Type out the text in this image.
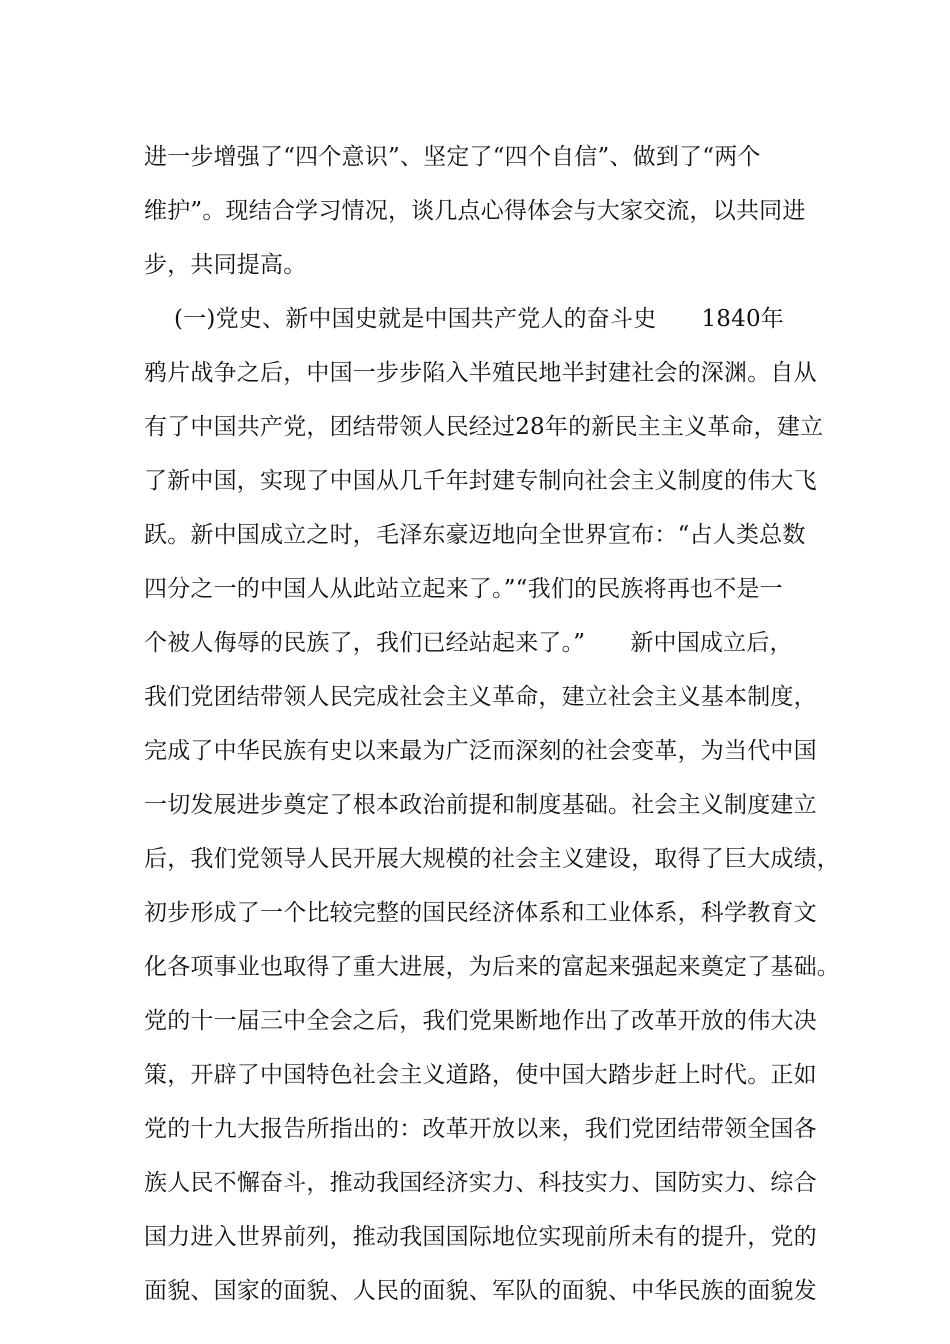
进一步增强了“四个意识”、坚定了“四个自信”、做到了“两个
维护”。现结合学习情况，谈几点心得体会与大家交流，以共同进
步，共同提高。
(一)党史、新中国史就是中国共产党人的奋斗史      1840年
鸦片战争之后，中国一步步陷入半殖民地半封建社会的深渊。自从
有了中国共产党，团结带领人民经过28年的新民主主义革命，建立
了新中国，实现了中国从几千年封建专制向社会主义制度的伟大飞
跃。新中国成立之时，毛泽东豪迈地向全世界宣布：“占人类总数
四分之一的中国人从此站立起来了。”“我们的民族将再也不是一
个被人侮辱的民族了，我们已经站起来了。”      新中国成立后，
我们党团结带领人民完成社会主义革命，建立社会主义基本制度，
完成了中华民族有史以来最为广泛而深刻的社会变革，为当代中国
一切发展进步奠定了根本政治前提和制度基础。社会主义制度建立
后，我们党领导人民开展大规模的社会主义建设，取得了巨大成绩，
初步形成了一个比较完整的国民经济体系和工业体系，科学教育文
化各项事业也取得了重大进展，为后来的富起来强起来奠定了基础。
党的十一届三中全会之后，我们党果断地作出了改革开放的伟大决
策，开辟了中国特色社会主义道路，使中国大踏步赶上时代。正如
党的十九大报告所指出的：改革开放以来，我们党团结带领全国各
族人民不懈奋斗，推动我国经济实力、科技实力、国防实力、综合
国力进入世界前列，推动我国国际地位实现前所未有的提升，党的
面貌、国家的面貌、人民的面貌、军队的面貌、中华民族的面貌发
